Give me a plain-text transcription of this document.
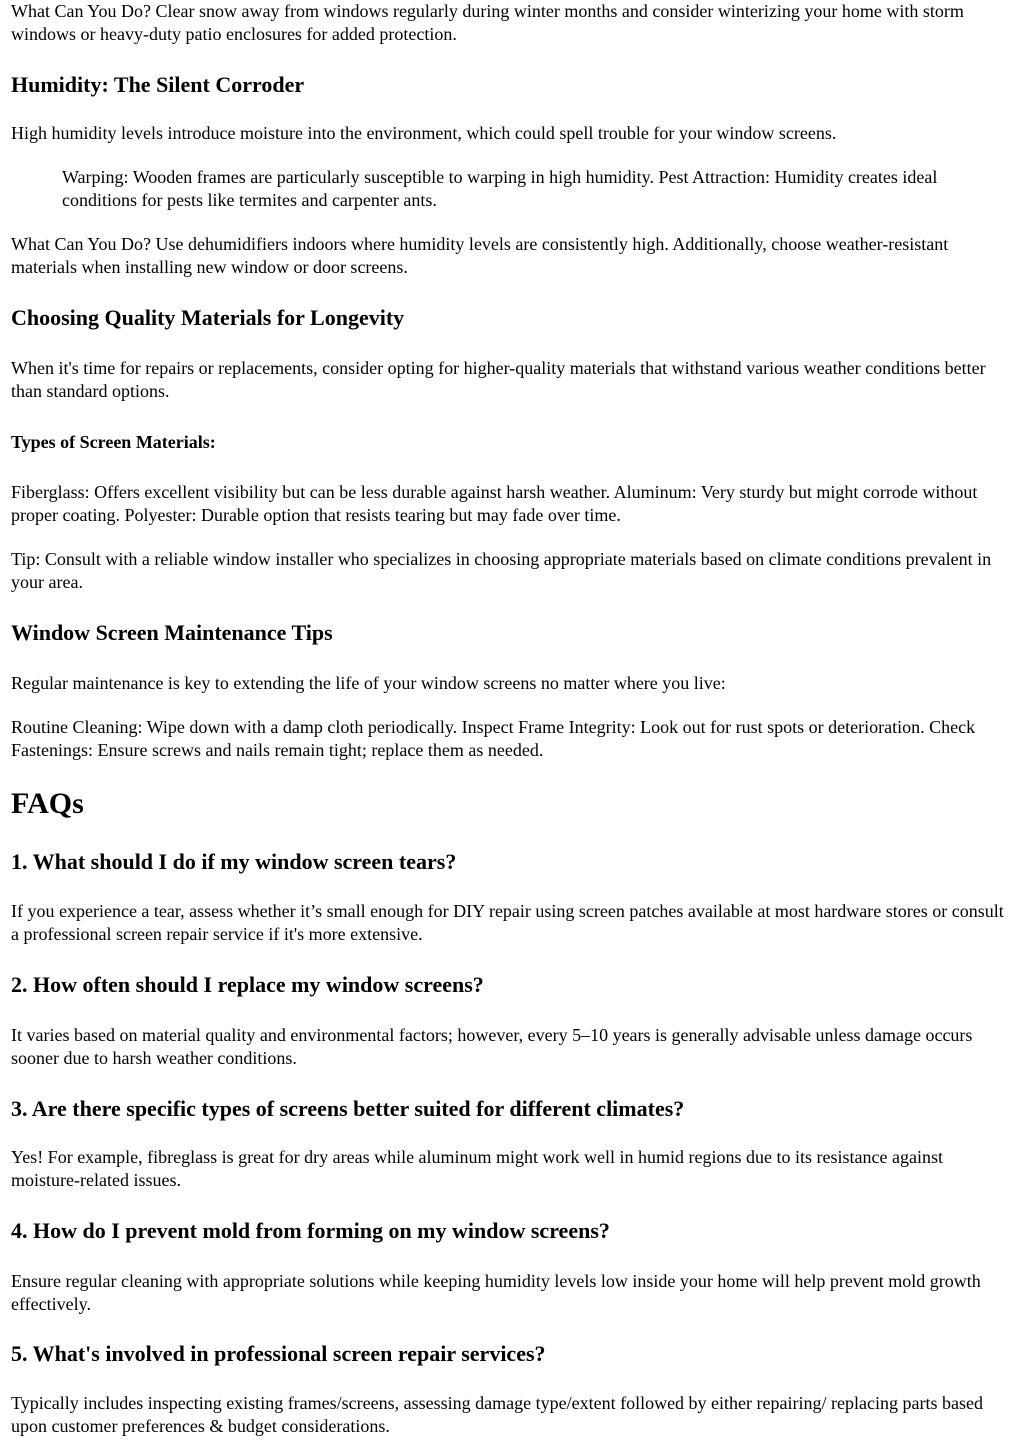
What Can You Do? Clear snow away from windows regularly during winter months and consider winterizing your home with storm windows or heavy-duty patio enclosures for added protection.

Humidity: The Silent Corroder

High humidity levels introduce moisture into the environment, which could spell trouble for your window screens.

Warping: Wooden frames are particularly susceptible to warping in high humidity. Pest Attraction: Humidity creates ideal conditions for pests like termites and carpenter ants.

What Can You Do? Use dehumidifiers indoors where humidity levels are consistently high. Additionally, choose weather-resistant materials when installing new window or door screens.

Choosing Quality Materials for Longevity

When it's time for repairs or replacements, consider opting for higher-quality materials that withstand various weather conditions better than standard options.

Types of Screen Materials:

Fiberglass: Offers excellent visibility but can be less durable against harsh weather. Aluminum: Very sturdy but might corrode without proper coating. Polyester: Durable option that resists tearing but may fade over time.

Tip: Consult with a reliable window installer who specializes in choosing appropriate materials based on climate conditions prevalent in your area.

Window Screen Maintenance Tips

Regular maintenance is key to extending the life of your window screens no matter where you live:

Routine Cleaning: Wipe down with a damp cloth periodically. Inspect Frame Integrity: Look out for rust spots or deterioration. Check Fastenings: Ensure screws and nails remain tight; replace them as needed.

FAQs
1. What should I do if my window screen tears?

If you experience a tear, assess whether it’s small enough for DIY repair using screen patches available at most hardware stores or consult a professional screen repair service if it's more extensive.

2. How often should I replace my window screens?

It varies based on material quality and environmental factors; however, every 5–10 years is generally advisable unless damage occurs sooner due to harsh weather conditions.

3. Are there specific types of screens better suited for different climates?

Yes! For example, fibreglass is great for dry areas while aluminum might work well in humid regions due to its resistance against moisture-related issues.

4. How do I prevent mold from forming on my window screens?

Ensure regular cleaning with appropriate solutions while keeping humidity levels low inside your home will help prevent mold growth effectively.

5. What's involved in professional screen repair services?

Typically includes inspecting existing frames/screens, assessing damage type/extent followed by either repairing/ replacing parts based upon customer preferences & budget considerations.
